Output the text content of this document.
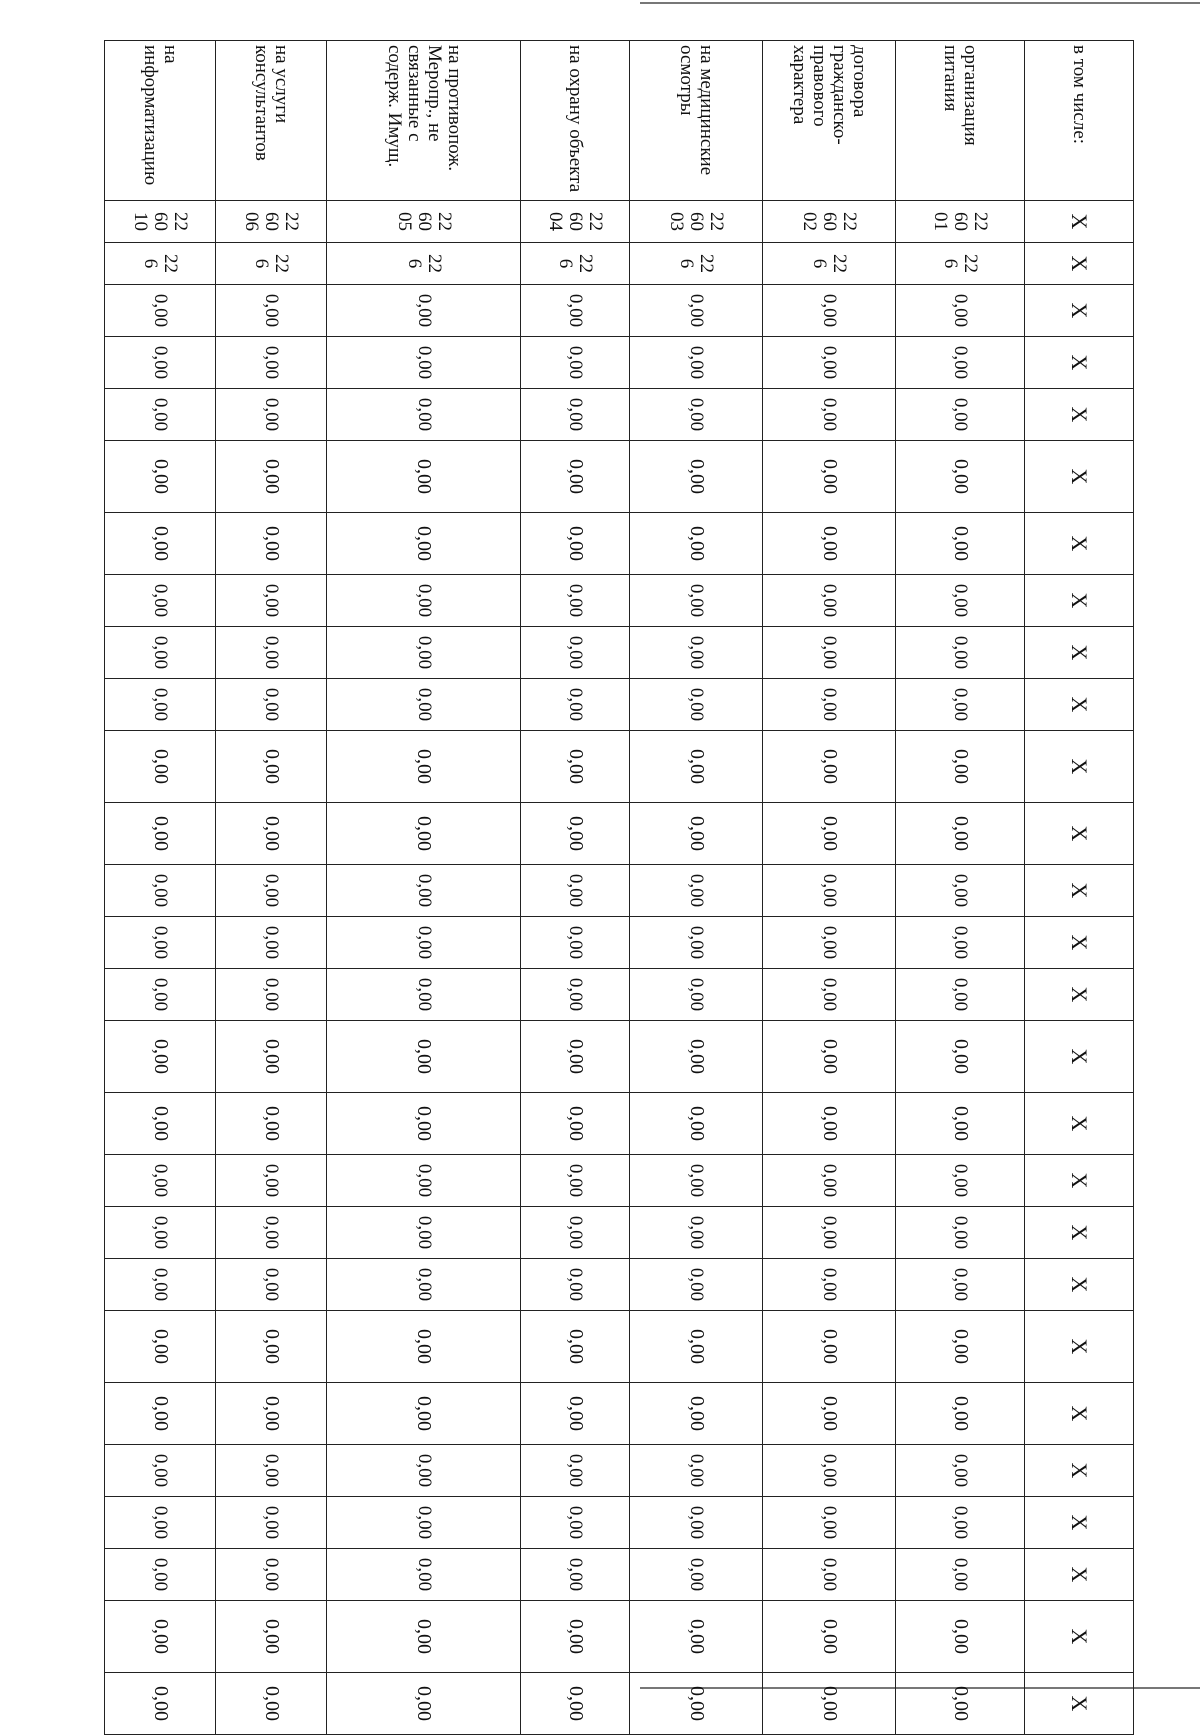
в том числе:	X	X	X	X	X	X	X	X	X	X	X	X	X	X	X	X	X	X	X	X	X	X	X	X	X	X	X
организация питания	22 60 01	22 6	0,00	0,00	0,00	0,00	0,00	0,00	0,00	0,00	0,00	0,00	0,00	0,00	0,00	0,00	0,00	0,00	0,00	0,00	0,00	0,00	0,00	0,00	0,00	0,00	0,00
договора гражданско-правового характера	22 60 02	22 6	0,00	0,00	0,00	0,00	0,00	0,00	0,00	0,00	0,00	0,00	0,00	0,00	0,00	0,00	0,00	0,00	0,00	0,00	0,00	0,00	0,00	0,00	0,00	0,00	0,00
на медицинские осмотры	22 60 03	22 6	0,00	0,00	0,00	0,00	0,00	0,00	0,00	0,00	0,00	0,00	0,00	0,00	0,00	0,00	0,00	0,00	0,00	0,00	0,00	0,00	0,00	0,00	0,00	0,00	0,00
на охрану объекта	22 60 04	22 6	0,00	0,00	0,00	0,00	0,00	0,00	0,00	0,00	0,00	0,00	0,00	0,00	0,00	0,00	0,00	0,00	0,00	0,00	0,00	0,00	0,00	0,00	0,00	0,00	0,00
на противопож. Меропр., не связанные с содерж. Имущ.	22 60 05	22 6	0,00	0,00	0,00	0,00	0,00	0,00	0,00	0,00	0,00	0,00	0,00	0,00	0,00	0,00	0,00	0,00	0,00	0,00	0,00	0,00	0,00	0,00	0,00	0,00	0,00
на услуги консультантов	22 60 06	22 6	0,00	0,00	0,00	0,00	0,00	0,00	0,00	0,00	0,00	0,00	0,00	0,00	0,00	0,00	0,00	0,00	0,00	0,00	0,00	0,00	0,00	0,00	0,00	0,00	0,00
на информатизацию	22 60 10	22 6	0,00	0,00	0,00	0,00	0,00	0,00	0,00	0,00	0,00	0,00	0,00	0,00	0,00	0,00	0,00	0,00	0,00	0,00	0,00	0,00	0,00	0,00	0,00	0,00	0,00
